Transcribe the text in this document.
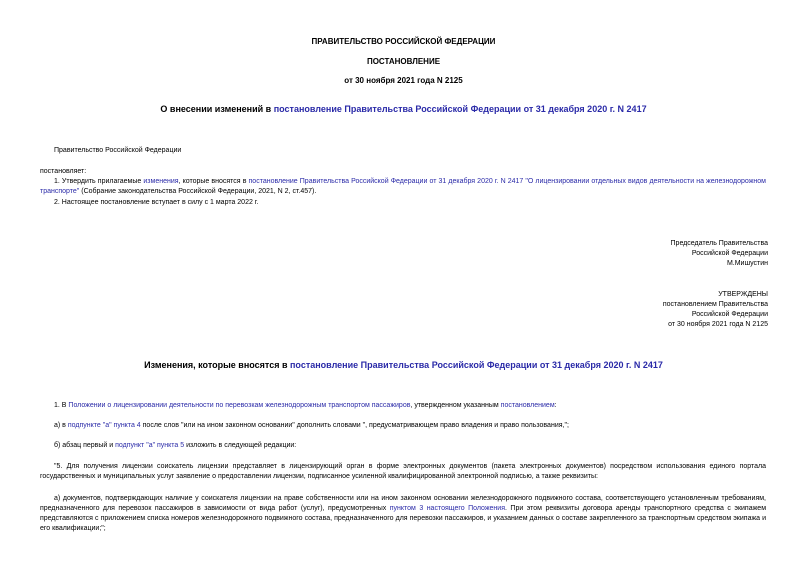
ПРАВИТЕЛЬСТВО РОССИЙСКОЙ ФЕДЕРАЦИИ
ПОСТАНОВЛЕНИЕ
от 30 ноября 2021 года N 2125
О внесении изменений в постановление Правительства Российской Федерации от 31 декабря 2020 г. N 2417
Правительство Российской Федерации
постановляет:
1. Утвердить прилагаемые изменения, которые вносятся в постановление Правительства Российской Федерации от 31 декабря 2020 г. N 2417 "О лицензировании отдельных видов деятельности на железнодорожном транспорте" (Собрание законодательства Российской Федерации, 2021, N 2, ст.457).
2. Настоящее постановление вступает в силу с 1 марта 2022 г.
Председатель Правительства
Российской Федерации
М.Мишустин
УТВЕРЖДЕНЫ
постановлением Правительства
Российской Федерации
от 30 ноября 2021 года N 2125
Изменения, которые вносятся в постановление Правительства Российской Федерации от 31 декабря 2020 г. N 2417
1. В Положении о лицензировании деятельности по перевозкам железнодорожным транспортом пассажиров, утвержденном указанным постановлением:
а) в подпункте "а" пункта 4 после слов "или на ином законном основании" дополнить словами ", предусматривающем право владения и право пользования,";
б) абзац первый и подпункт "а" пункта 5 изложить в следующей редакции:
"5. Для получения лицензии соискатель лицензии представляет в лицензирующий орган в форме электронных документов (пакета электронных документов) посредством использования единого портала государственных и муниципальных услуг заявление о предоставлении лицензии, подписанное усиленной квалифицированной электронной подписью, а также реквизиты:
а) документов, подтверждающих наличие у соискателя лицензии на праве собственности или на ином законном основании железнодорожного подвижного состава, соответствующего установленным требованиям, предназначенного для перевозок пассажиров в зависимости от вида работ (услуг), предусмотренных пунктом 3 настоящего Положения. При этом реквизиты договора аренды транспортного средства с экипажем представляются с приложением списка номеров железнодорожного подвижного состава, предназначенного для перевозки пассажиров, и указанием данных о составе закрепленного за транспортным средством экипажа и его квалификации;";
